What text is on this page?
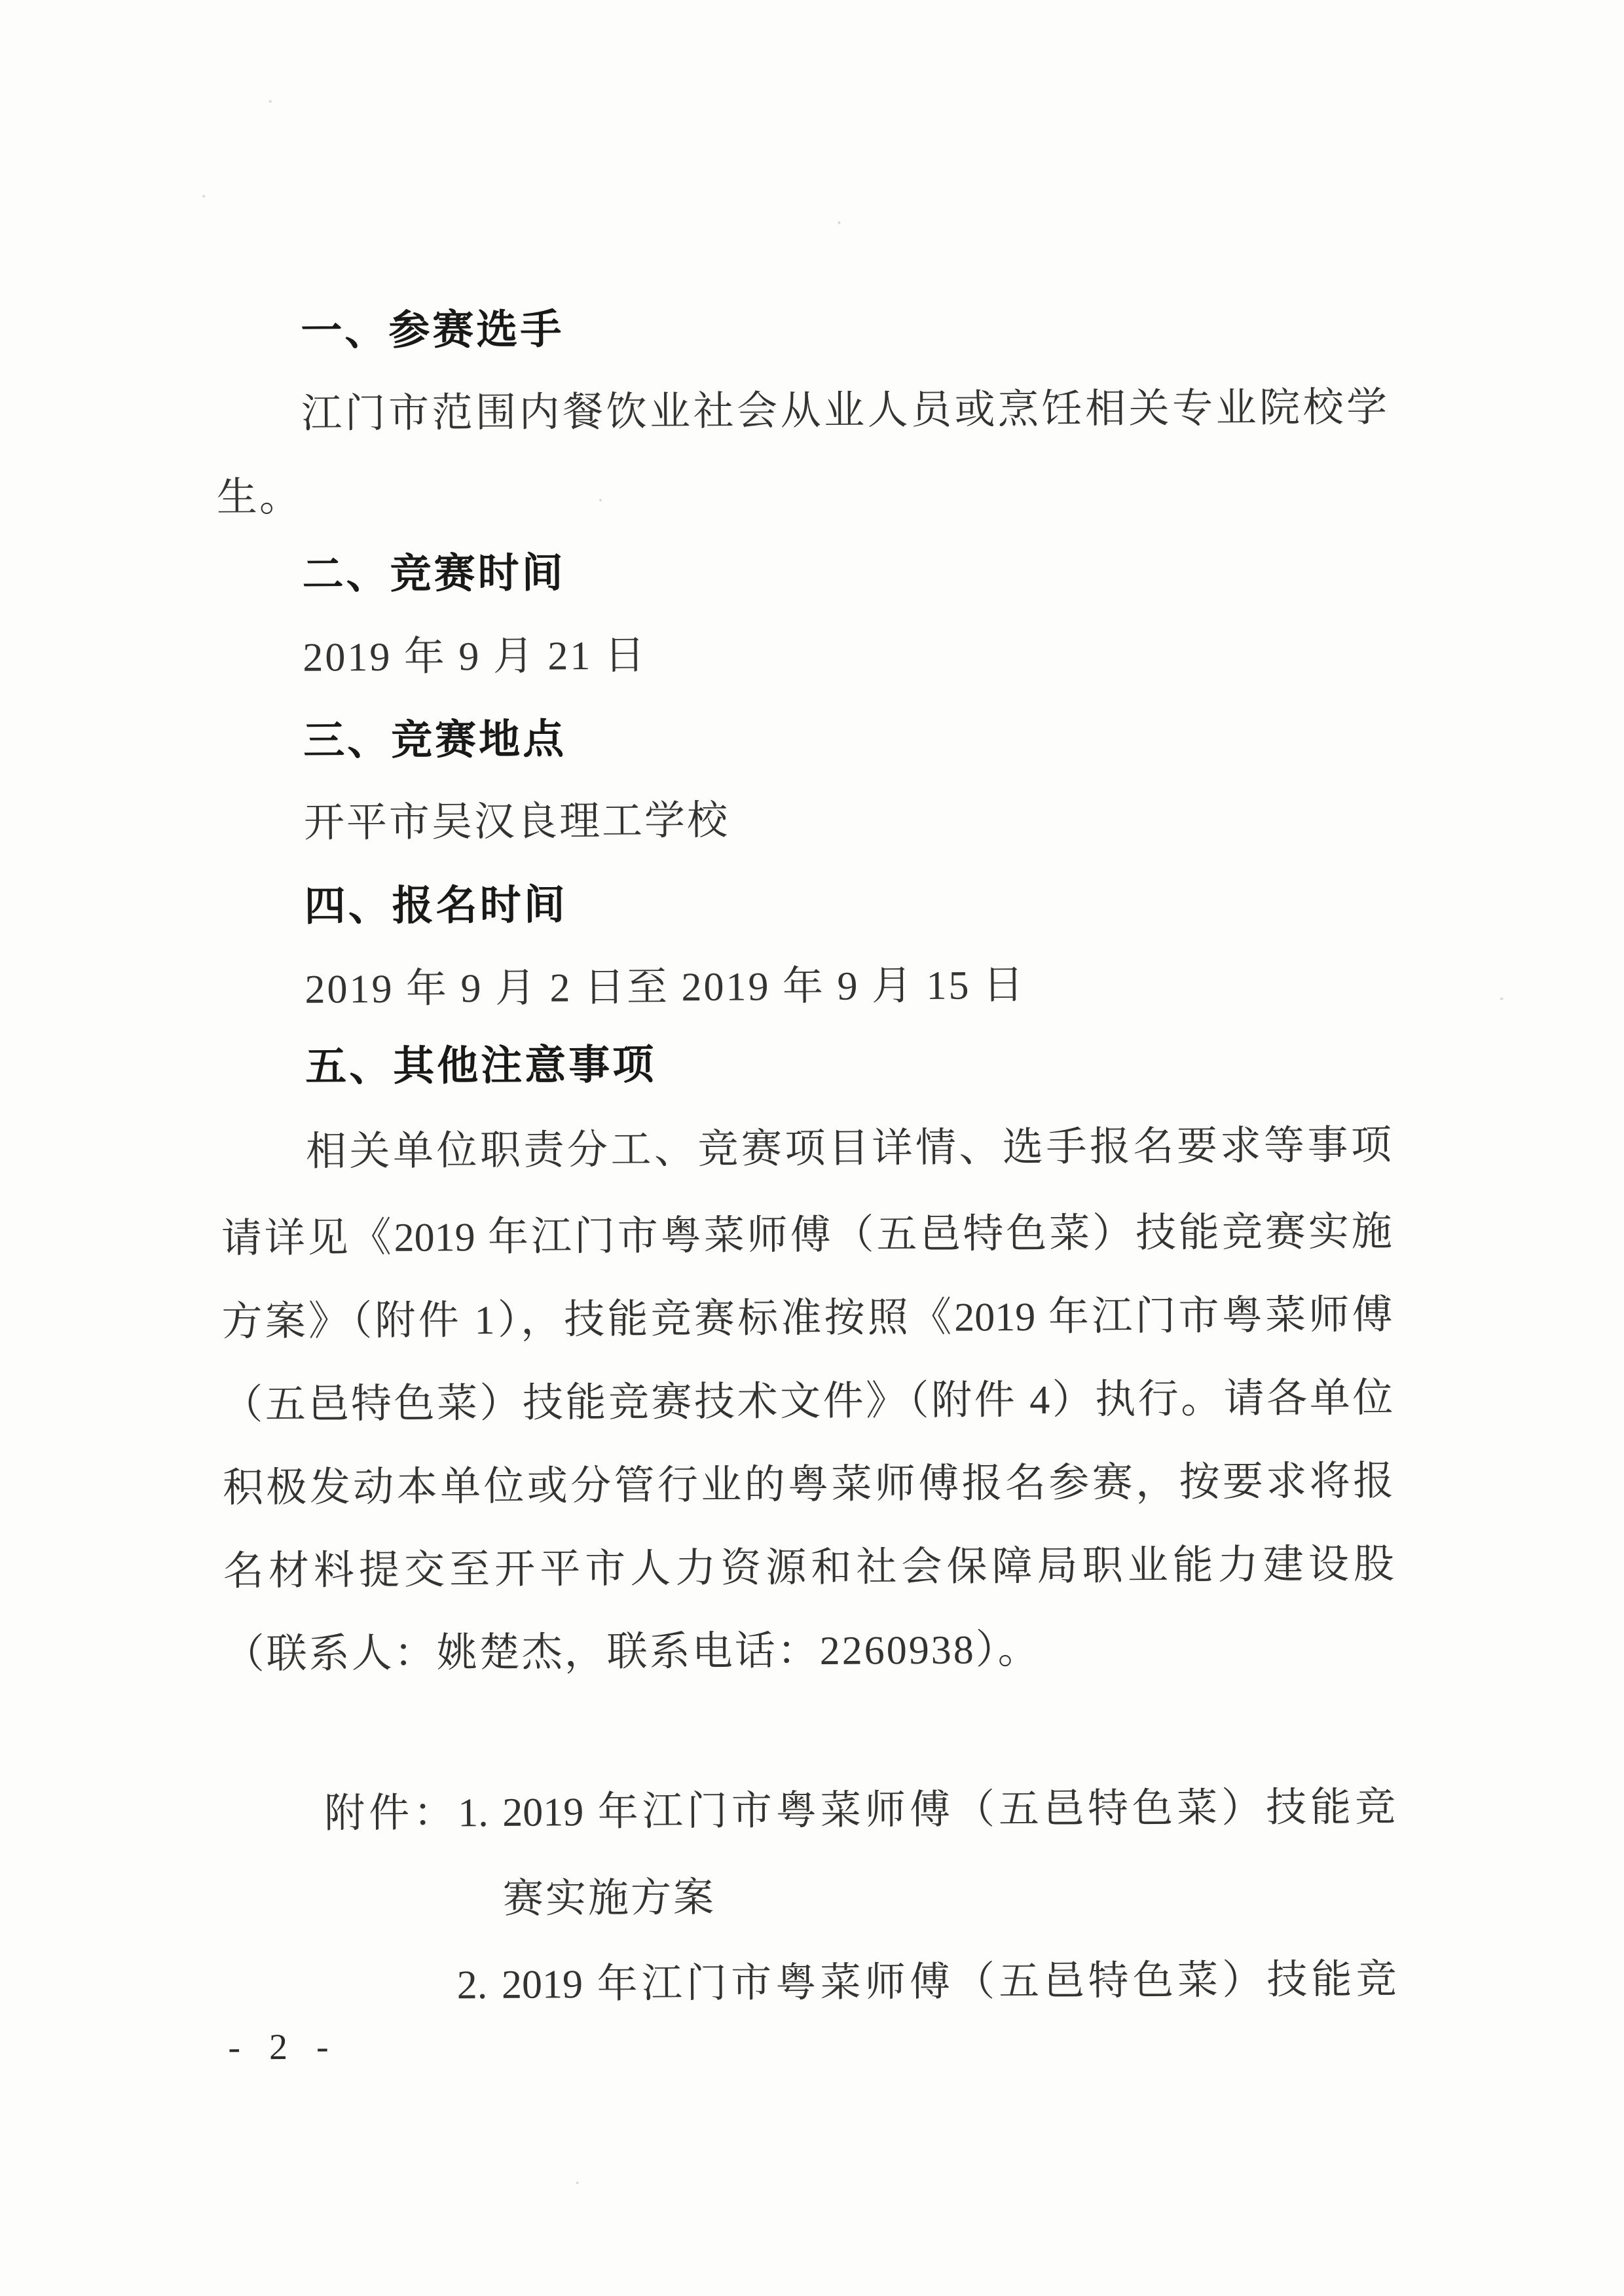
一、参赛选手
江门市范围内餐饮业社会从业人员或烹饪相关专业院校学
生。
二、竞赛时间
2019 年 9 月 21 日
三、竞赛地点
开平市吴汉良理工学校
四、报名时间
2019 年 9 月 2 日至 2019 年 9 月 15 日
五、其他注意事项
相关单位职责分工、竞赛项目详情、选手报名要求等事项
请详见《2019 年江门市粤菜师傅（五邑特色菜）技能竞赛实施
方案》（附件 1），技能竞赛标准按照《2019 年江门市粤菜师傅
（五邑特色菜）技能竞赛技术文件》（附件 4）执行。请各单位
积极发动本单位或分管行业的粤菜师傅报名参赛，按要求将报
名材料提交至开平市人力资源和社会保障局职业能力建设股
（联系人：姚楚杰，联系电话：2260938）。
附件：1. 2019 年江门市粤菜师傅（五邑特色菜）技能竞
赛实施方案
2. 2019 年江门市粤菜师傅（五邑特色菜）技能竞
- 2 -
